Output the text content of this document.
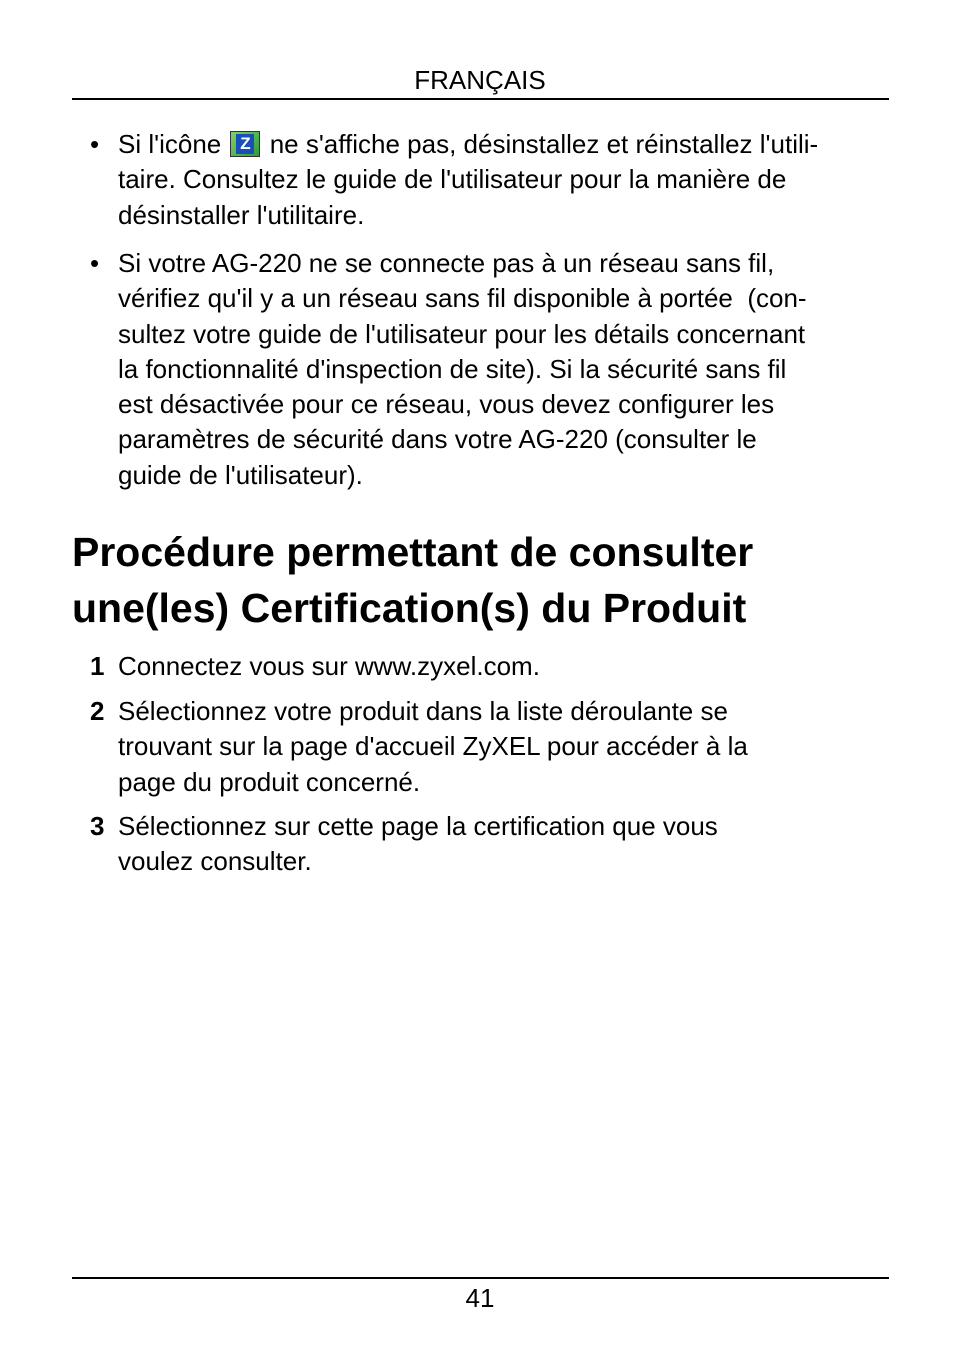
FRANÇAIS
• Si l'icône Z ne s'affiche pas, désinstallez et réinstallez l'utili-
taire. Consultez le guide de l'utilisateur pour la manière de
désinstaller l'utilitaire.
• Si votre AG-220 ne se connecte pas à un réseau sans fil,
vérifiez qu'il y a un réseau sans fil disponible à portée  (con-
sultez votre guide de l'utilisateur pour les détails concernant
la fonctionnalité d'inspection de site). Si la sécurité sans fil
est désactivée pour ce réseau, vous devez configurer les
paramètres de sécurité dans votre AG-220 (consulter le
guide de l'utilisateur).
Procédure permettant de consulter
une(les) Certification(s) du Produit
1 Connectez vous sur www.zyxel.com.
2 Sélectionnez votre produit dans la liste déroulante se
trouvant sur la page d'accueil ZyXEL pour accéder à la
page du produit concerné.
3 Sélectionnez sur cette page la certification que vous
voulez consulter.
41
